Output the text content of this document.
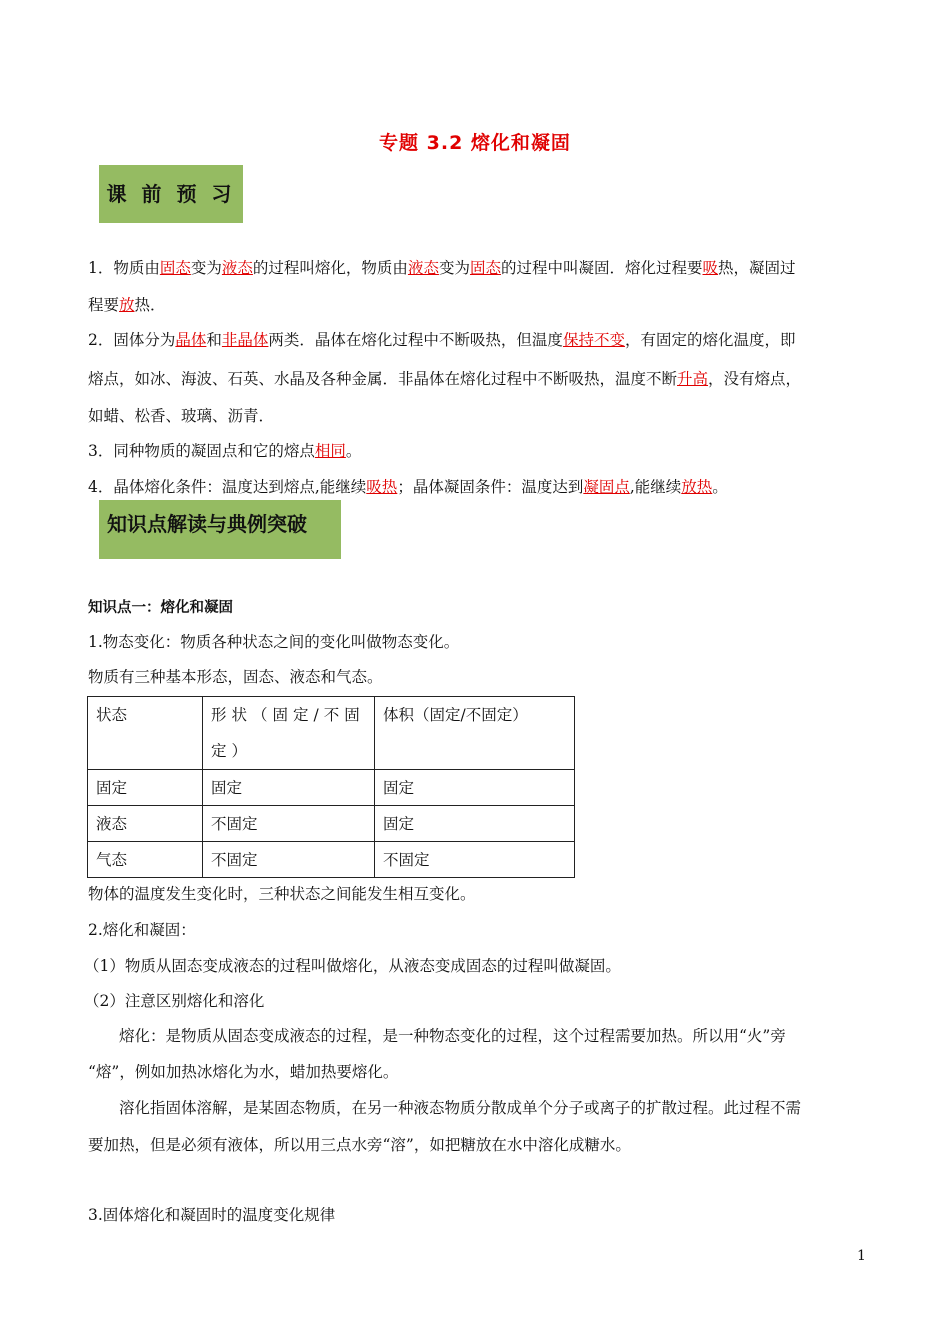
专题 3.2 熔化和凝固
课 前 预 习
1．物质由固态变为液态的过程叫熔化，物质由液态变为固态的过程中叫凝固．熔化过程要吸热，凝固过
程要放热．
2．固体分为晶体和非晶体两类．晶体在熔化过程中不断吸热，但温度保持不变，有固定的熔化温度，即
熔点，如冰、海波、石英、水晶及各种金属．非晶体在熔化过程中不断吸热，温度不断升高，没有熔点，
如蜡、松香、玻璃、沥青．
3．同种物质的凝固点和它的熔点相同。
4．晶体熔化条件：温度达到熔点,能继续吸热；晶体凝固条件：温度达到凝固点,能继续放热。
知识点解读与典例突破
知识点一：熔化和凝固
1.物态变化：物质各种状态之间的变化叫做物态变化。
物质有三种基本形态，固态、液态和气态。
状态	形状（固定/不固定）	体积（固定/不固定）
固定	固定	固定
液态	不固定	固定
气态	不固定	不固定
物体的温度发生变化时，三种状态之间能发生相互变化。
2.熔化和凝固：
（1）物质从固态变成液态的过程叫做熔化，从液态变成固态的过程叫做凝固。
（2）注意区别熔化和溶化
熔化：是物质从固态变成液态的过程，是一种物态变化的过程，这个过程需要加热。所以用“火”旁
“熔”，例如加热冰熔化为水，蜡加热要熔化。
溶化指固体溶解，是某固态物质，在另一种液态物质分散成单个分子或离子的扩散过程。此过程不需
要加热，但是必须有液体，所以用三点水旁“溶”，如把糖放在水中溶化成糖水。
3.固体熔化和凝固时的温度变化规律
1
